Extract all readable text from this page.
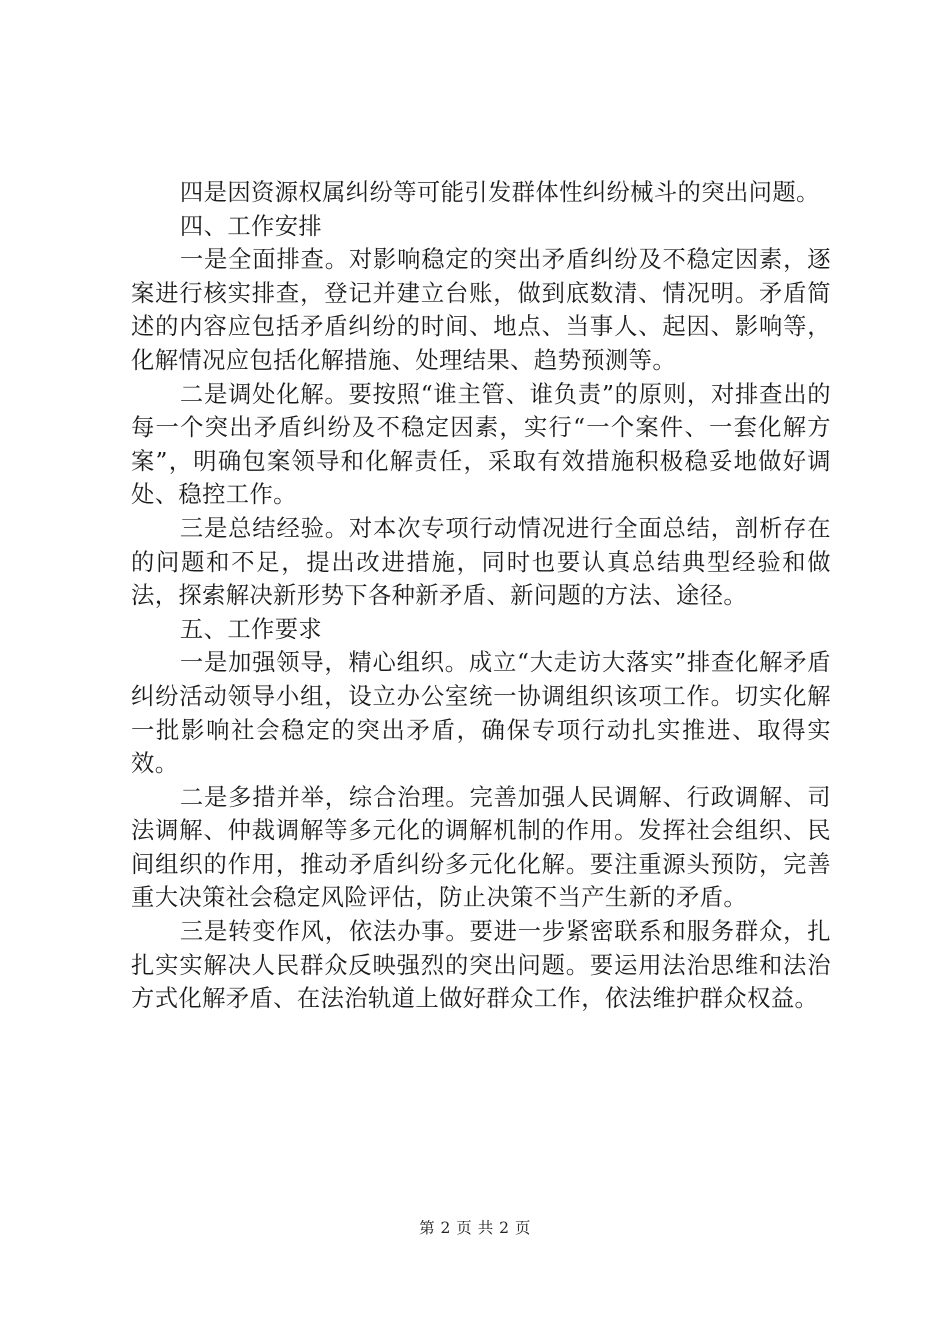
四是因资源权属纠纷等可能引发群体性纠纷械斗的突出问题。

四、工作安排

一是全面排查。对影响稳定的突出矛盾纠纷及不稳定因素，逐案进行核实排查，登记并建立台账，做到底数清、情况明。矛盾简述的内容应包括矛盾纠纷的时间、地点、当事人、起因、影响等，化解情况应包括化解措施、处理结果、趋势预测等。

二是调处化解。要按照“谁主管、谁负责”的原则，对排查出的每一个突出矛盾纠纷及不稳定因素，实行“一个案件、一套化解方案”，明确包案领导和化解责任，采取有效措施积极稳妥地做好调处、稳控工作。

三是总结经验。对本次专项行动情况进行全面总结，剖析存在的问题和不足，提出改进措施，同时也要认真总结典型经验和做法，探索解决新形势下各种新矛盾、新问题的方法、途径。

五、工作要求

一是加强领导，精心组织。成立“大走访大落实”排查化解矛盾纠纷活动领导小组，设立办公室统一协调组织该项工作。切实化解一批影响社会稳定的突出矛盾，确保专项行动扎实推进、取得实效。

二是多措并举，综合治理。完善加强人民调解、行政调解、司法调解、仲裁调解等多元化的调解机制的作用。发挥社会组织、民间组织的作用，推动矛盾纠纷多元化化解。要注重源头预防，完善重大决策社会稳定风险评估，防止决策不当产生新的矛盾。

三是转变作风，依法办事。要进一步紧密联系和服务群众，扎扎实实解决人民群众反映强烈的突出问题。要运用法治思维和法治方式化解矛盾、在法治轨道上做好群众工作，依法维护群众权益。

第 2 页 共 2 页
